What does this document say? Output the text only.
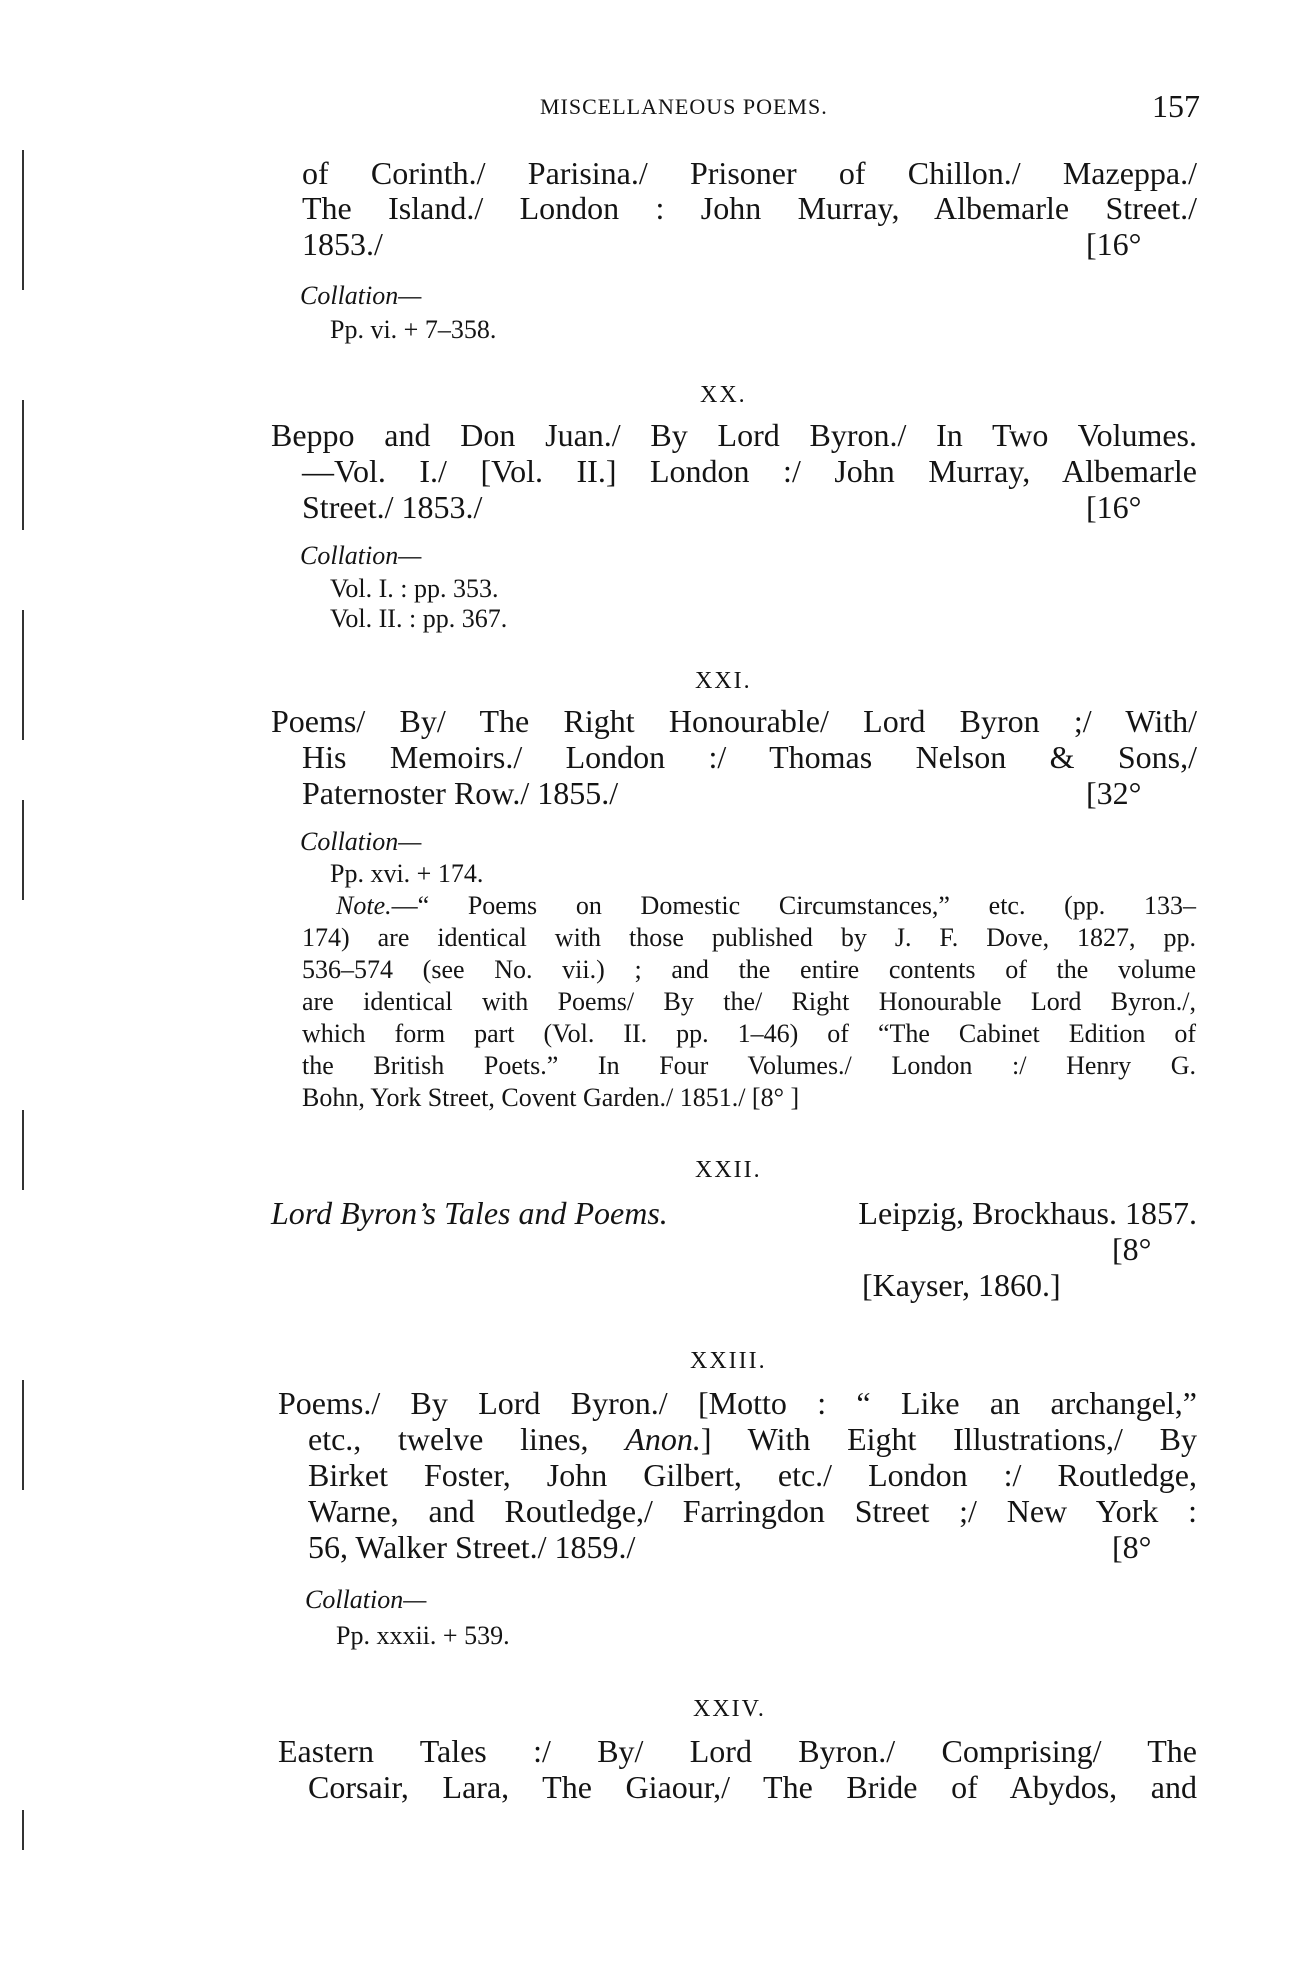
MISCELLANEOUS POEMS.	157
of Corinth./ Parisina./ Prisoner of Chillon./ Mazeppa./
The Island./ London : John Murray, Albemarle Street./
1853./	[16°
Collation—
Pp. vi. + 7–358.
XX.
Beppo and Don Juan./ By Lord Byron./ In Two Volumes.
—Vol. I./ [Vol. II.] London :/ John Murray, Albemarle
Street./ 1853./	[16°
Collation—
Vol. I. : pp. 353.
Vol. II. : pp. 367.
XXI.
Poems/ By/ The Right Honourable/ Lord Byron ;/ With/
His Memoirs./ London :/ Thomas Nelson & Sons,/
Paternoster Row./ 1855./	[32°
Collation—
Pp. xvi. + 174.
Note.—“ Poems on Domestic Circumstances,” etc. (pp. 133–
174) are identical with those published by J. F. Dove, 1827, pp.
536–574 (see No. vii.) ; and the entire contents of the volume
are identical with Poems/ By the/ Right Honourable Lord Byron./,
which form part (Vol. II. pp. 1–46) of “The Cabinet Edition of
the British Poets.” In Four Volumes./ London :/ Henry G.
Bohn, York Street, Covent Garden./ 1851./ [8° ]
XXII.
Lord Byron’s Tales and Poems.	Leipzig, Brockhaus. 1857.
[8°
[Kayser, 1860.]
XXIII.
Poems./ By Lord Byron./ [Motto : “ Like an archangel,”
etc., twelve lines, Anon.] With Eight Illustrations,/ By
Birket Foster, John Gilbert, etc./ London :/ Routledge,
Warne, and Routledge,/ Farringdon Street ;/ New York :
56, Walker Street./ 1859./	[8°
Collation—
Pp. xxxii. + 539.
XXIV.
Eastern Tales :/ By/ Lord Byron./ Comprising/ The
Corsair, Lara, The Giaour,/ The Bride of Abydos, and
